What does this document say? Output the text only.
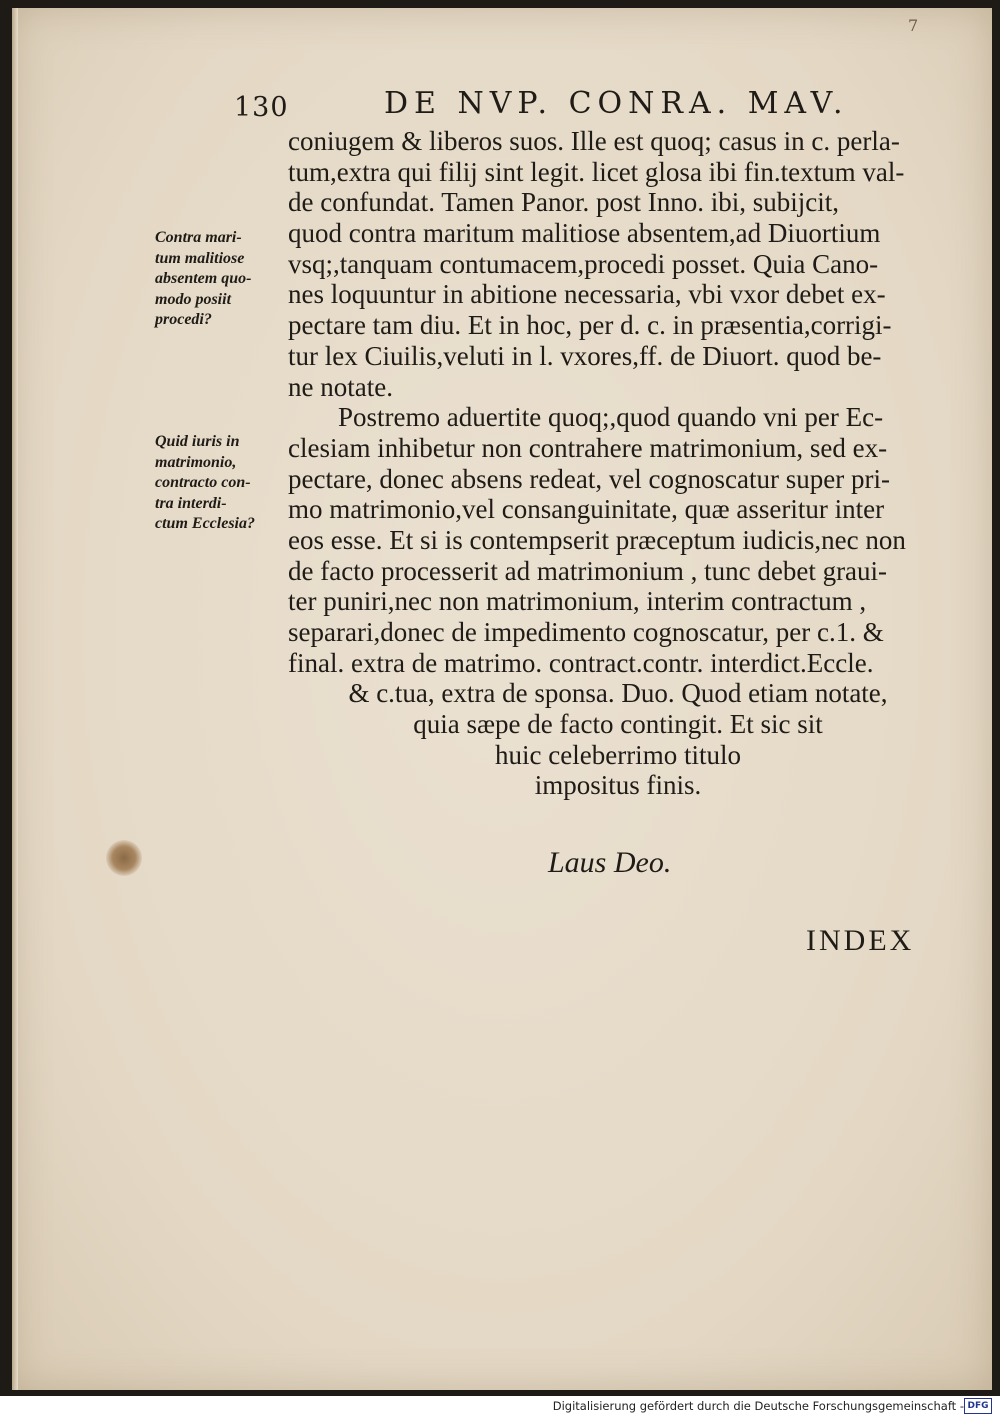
7
130	DE NVP. CONRA. MAV.
Contra mari-
tum malitiose
absentem quo-
modo posiit
procedi?
Quid iuris in
matrimonio,
contracto con-
tra interdi-
ctum Ecclesia?
coniugem & liberos suos. Ille est quoq; casus in c. perla-
tum,extra qui filij sint legit. licet glosa ibi fin.textum val-
de confundat. Tamen Panor. post Inno. ibi, subijcit,
quod contra maritum malitiose absentem,ad Diuortium
vsq;,tanquam contumacem,procedi posset. Quia Cano-
nes loquuntur in abitione necessaria, vbi vxor debet ex-
pectare tam diu. Et in hoc, per d. c. in præsentia,corrigi-
tur lex Ciuilis,veluti in l. vxores,ff. de Diuort. quod be-
ne notate.
Postremo aduertite quoq;,quod quando vni per Ec-
clesiam inhibetur non contrahere matrimonium, sed ex-
pectare, donec absens redeat, vel cognoscatur super pri-
mo matrimonio,vel consanguinitate, quæ asseritur inter
eos esse. Et si is contempserit præceptum iudicis,nec non
de facto processerit ad matrimonium , tunc debet graui-
ter puniri,nec non matrimonium, interim contractum ,
separari,donec de impedimento cognoscatur, per c.1. &
final. extra de matrimo. contract.contr. interdict.Eccle.
& c.tua, extra de sponsa. Duo. Quod etiam notate,
quia sæpe de facto contingit. Et sic sit
huic celeberrimo titulo
impositus finis.
Laus Deo.
INDEX
Digitalisierung gefördert durch die Deutsche Forschungsgemeinschaft - DFG
